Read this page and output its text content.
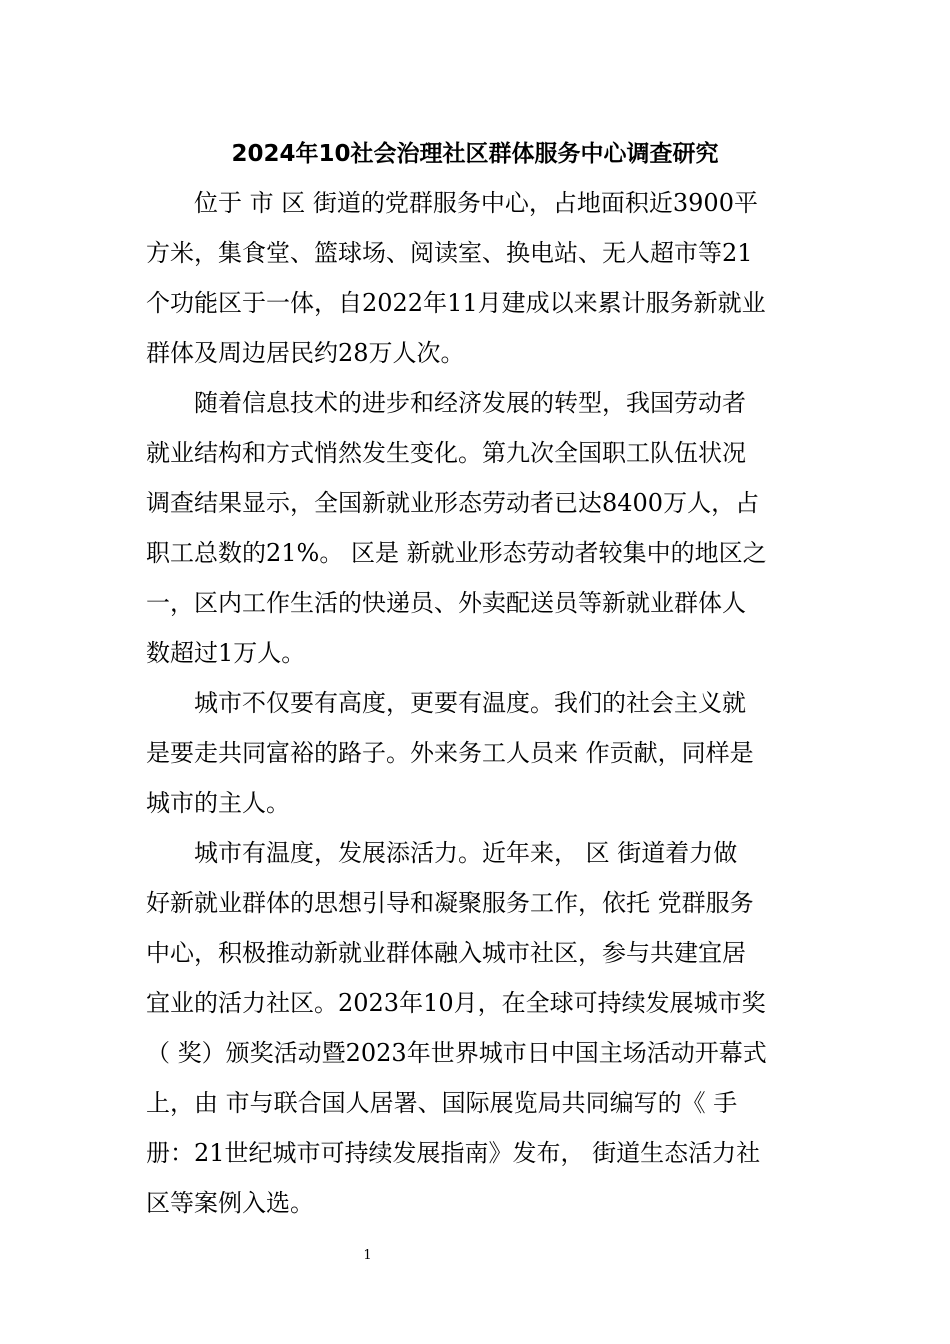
2024年10社会治理社区群体服务中心调查研究
　　位于 市 区 街道的党群服务中心，占地面积近3900平
方米，集食堂、篮球场、阅读室、换电站、无人超市等21
个功能区于一体，自2022年11月建成以来累计服务新就业
群体及周边居民约28万人次。
　　随着信息技术的进步和经济发展的转型，我国劳动者
就业结构和方式悄然发生变化。第九次全国职工队伍状况
调查结果显示，全国新就业形态劳动者已达8400万人，占
职工总数的21%。 区是 新就业形态劳动者较集中的地区之
一，区内工作生活的快递员、外卖配送员等新就业群体人
数超过1万人。
　　城市不仅要有高度，更要有温度。我们的社会主义就
是要走共同富裕的路子。外来务工人员来 作贡献，同样是
城市的主人。
　　城市有温度，发展添活力。近年来， 区 街道着力做
好新就业群体的思想引导和凝聚服务工作，依托 党群服务
中心，积极推动新就业群体融入城市社区，参与共建宜居
宜业的活力社区。2023年10月，在全球可持续发展城市奖
（ 奖）颁奖活动暨2023年世界城市日中国主场活动开幕式
上，由 市与联合国人居署、国际展览局共同编写的《 手
册：21世纪城市可持续发展指南》发布， 街道生态活力社
区等案例入选。
1
